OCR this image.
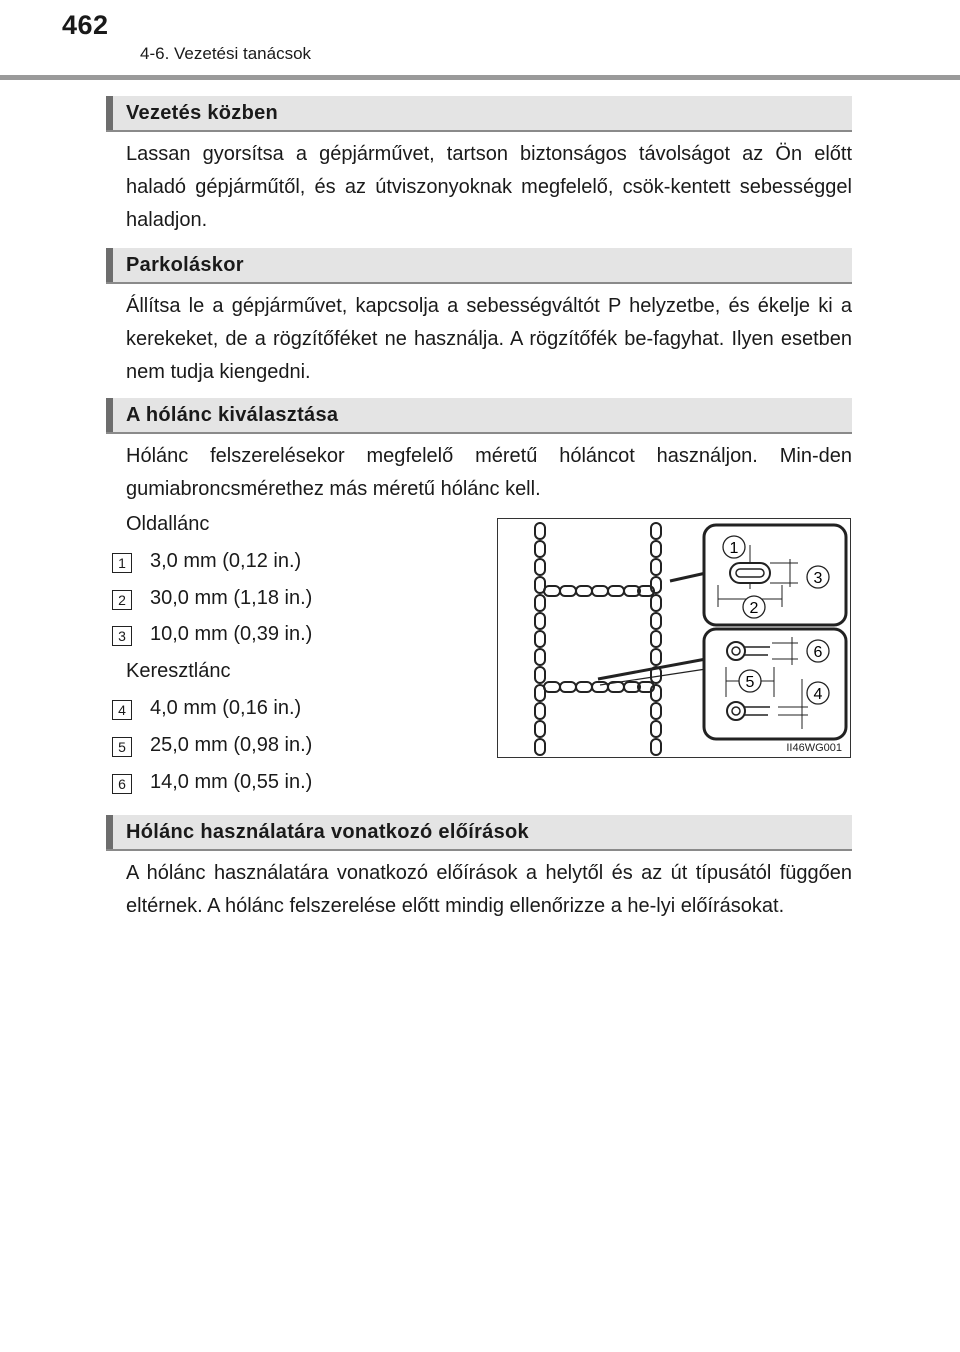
462
4-6. Vezetési tanácsok
Vezetés közben
Lassan gyorsítsa a gépjárművet, tartson biztonságos távolságot az Ön előtt haladó gépjárműtől, és az útviszonyoknak megfelelő, csök-kentett sebességgel haladjon.
Parkoláskor
Állítsa le a gépjárművet, kapcsolja a sebességváltót P helyzetbe, és ékelje ki a kerekeket, de a rögzítőféket ne használja. A rögzítőfék be-fagyhat. Ilyen esetben nem tudja kiengedni.
A hólánc kiválasztása
Hólánc felszerelésekor megfelelő méretű hóláncot használjon. Min-den gumiabroncsmérethez más méretű hólánc kell.
Oldallánc
1	3,0 mm (0,12 in.)
2	30,0 mm (1,18 in.)
3	10,0 mm (0,39 in.)
Keresztlánc
4	4,0 mm (0,16 in.)
5	25,0 mm (0,98 in.)
6	14,0 mm (0,55 in.)
1
2
3
6
5
4
II46WG001
Hólánc használatára vonatkozó előírások
A hólánc használatára vonatkozó előírások a helytől és az út típusától függően eltérnek. A hólánc felszerelése előtt mindig ellenőrizze a he-lyi előírásokat.
